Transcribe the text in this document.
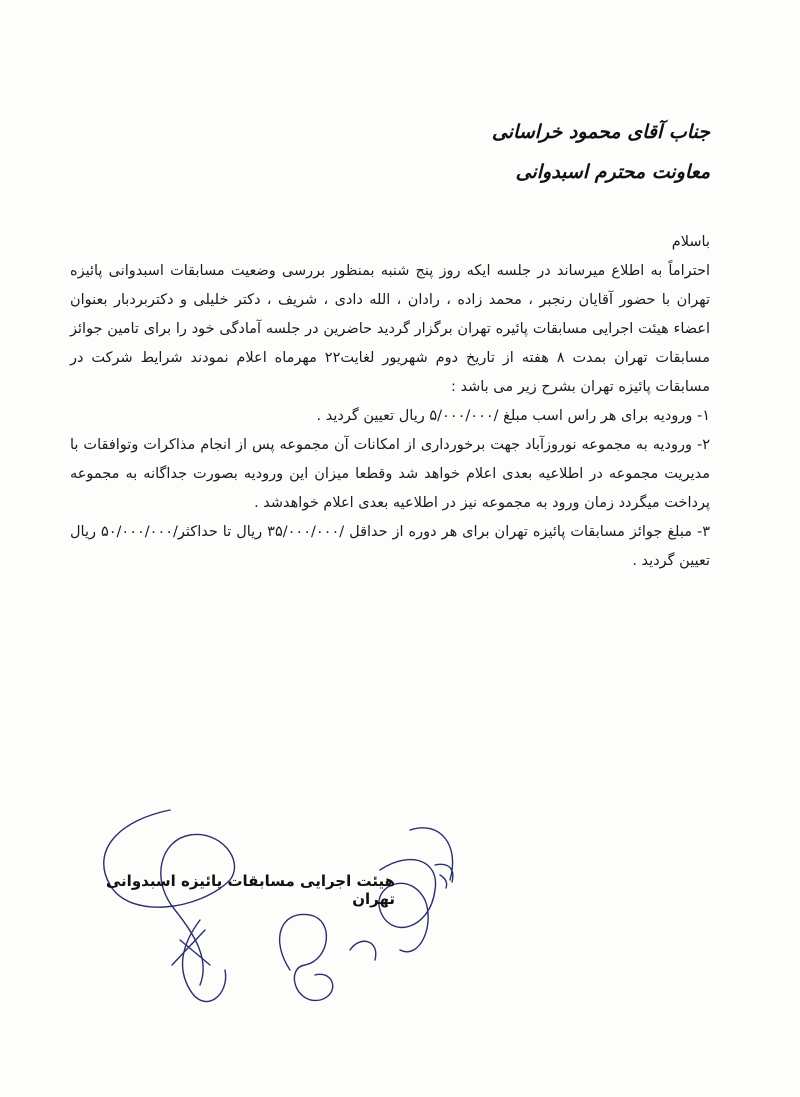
جناب آقای محمود خراسانی
معاونت محترم اسبدوانی

باسلام

احتراماً به اطلاع میرساند در جلسه ایکه روز پنج شنبه بمنظور بررسی وضعیت مسابقات اسبدوانی پائیزه تهران با حضور آقایان رنجبر ، محمد زاده ، رادان ، الله دادی ، شریف ، دکتر خلیلی و دکتربردبار بعنوان اعضاء هیئت اجرایی مسابقات پائیره تهران برگزار گردید حاضرین در جلسه آمادگی خود را برای تامین جوائز مسابقات تهران بمدت ۸ هفته از تاریخ دوم شهریور لغایت۲۲ مهرماه اعلام نمودند شرایط شرکت در مسابقات پائیزه تهران بشرح زیر می باشد :

۱- ورودیه برای هر راس اسب مبلغ /۵/۰۰۰/۰۰۰ ریال تعیین گردید .
۲- ورودیه به مجموعه نوروزآباد جهت برخورداری از امکانات آن مجموعه پس از انجام مذاکرات وتوافقات با مدیریت مجموعه در اطلاعیه بعدی اعلام خواهد شد وقطعا میزان این ورودیه بصورت جداگانه به مجموعه پرداخت میگردد زمان ورود به مجموعه نیز در اطلاعیه بعدی اعلام خواهدشد .
۳- مبلغ جوائز مسابقات پائیزه تهران برای هر دوره از حداقل /۳۵/۰۰۰/۰۰۰ ریال تا حداکثر/۵۰/۰۰۰/۰۰۰ ریال تعیین گردید .
هیئت اجرایی مسابقات پائیزه اسبدوانی تهران
